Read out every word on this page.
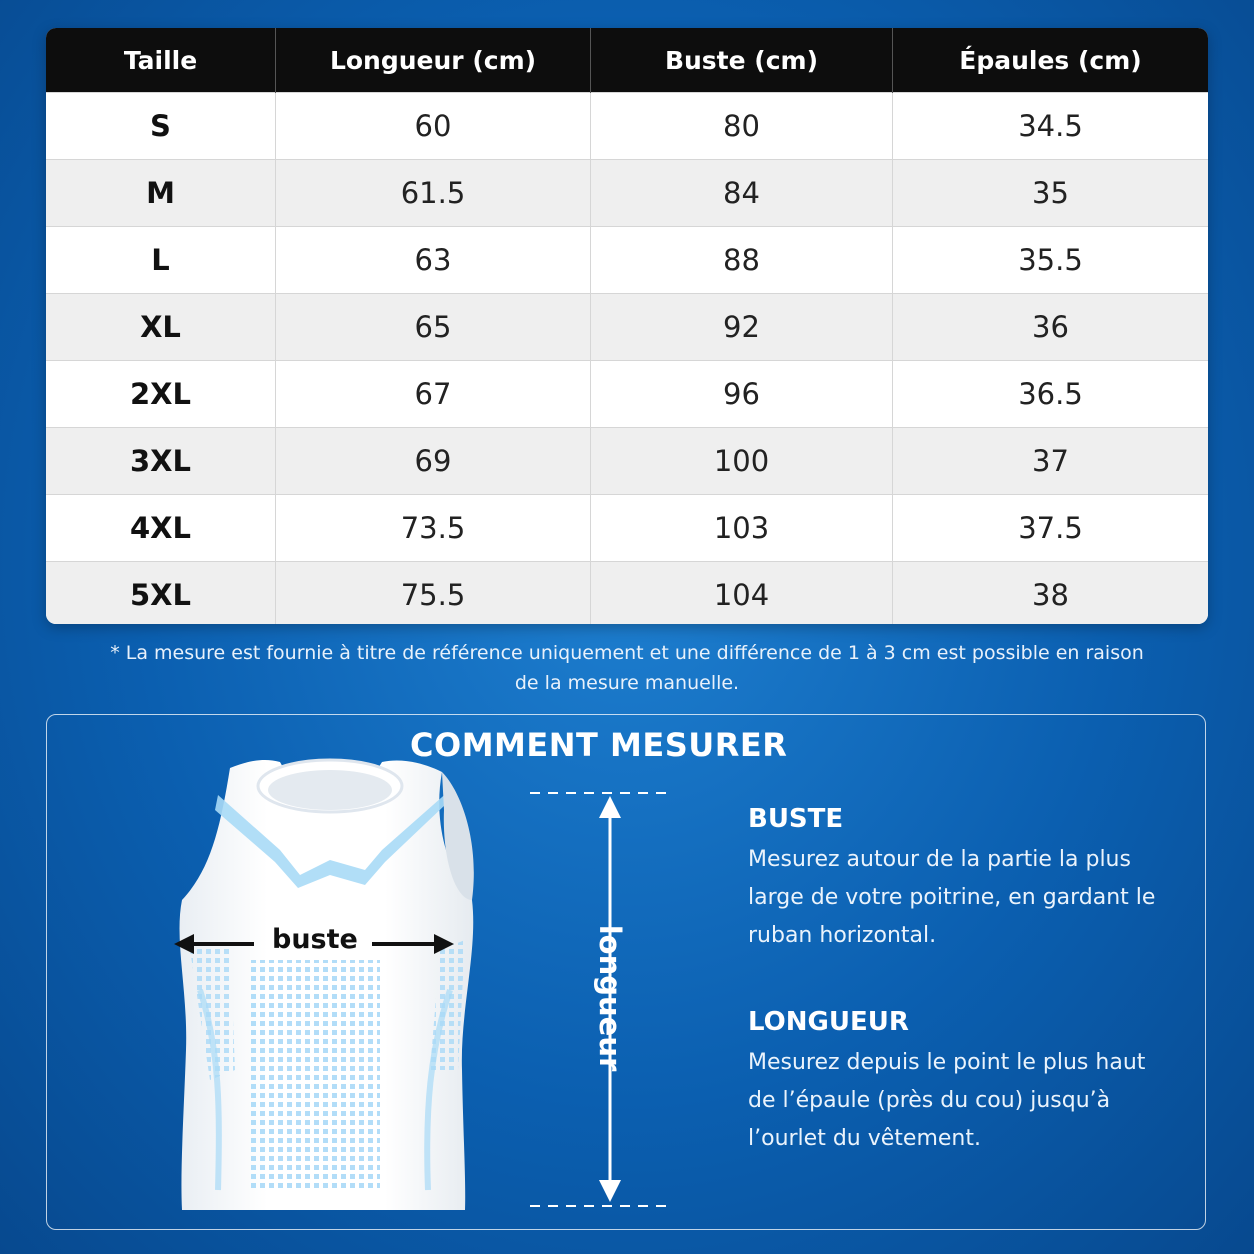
Taille	Longueur (cm)	Buste (cm)	Épaules (cm)
S	60	80	34.5
M	61.5	84	35
L	63	88	35.5
XL	65	92	36
2XL	67	96	36.5
3XL	69	100	37
4XL	73.5	103	37.5
5XL	75.5	104	38
* La mesure est fournie à titre de référence uniquement et une différence de 1 à 3 cm est possible en raison
de la mesure manuelle.
COMMENT MESURER
buste	longueur
BUSTE
Mesurez autour de la partie la plus
large de votre poitrine, en gardant le
ruban horizontal.
LONGUEUR
Mesurez depuis le point le plus haut
de l’épaule (près du cou) jusqu’à
l’ourlet du vêtement.
